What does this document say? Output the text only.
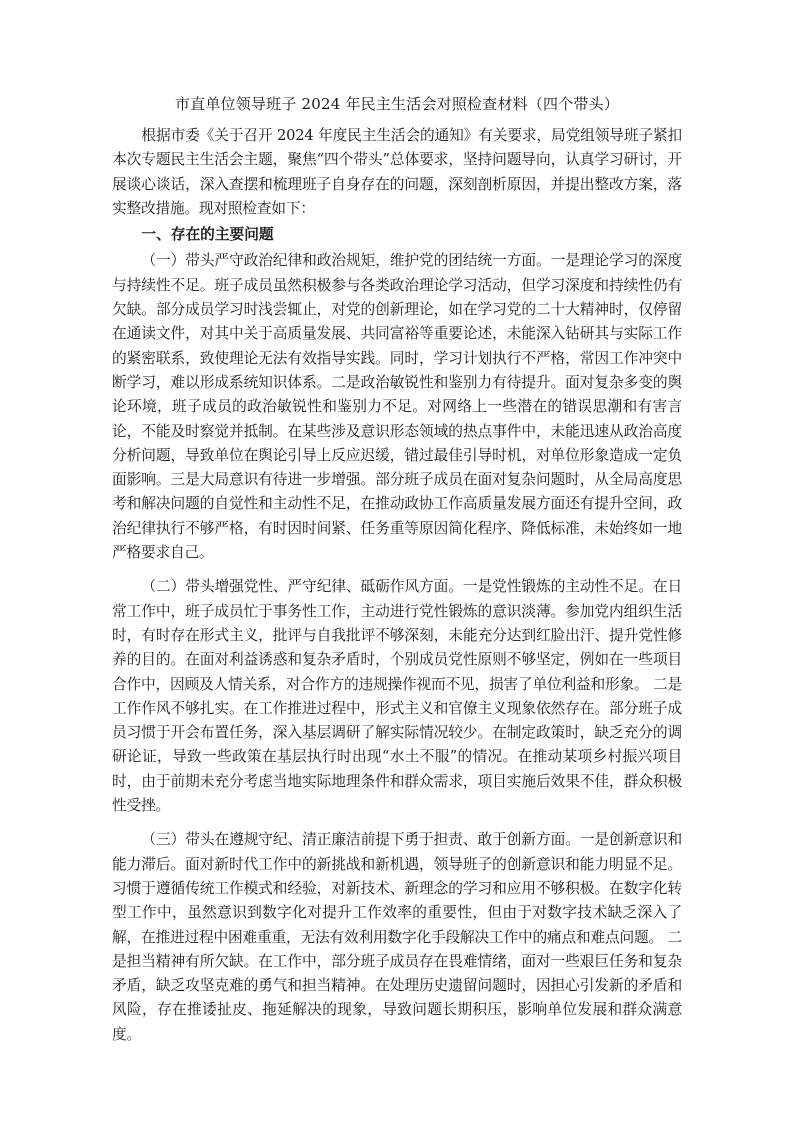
市直单位领导班子 2024 年民主生活会对照检查材料（四个带头）

根据市委《关于召开 2024 年度民主生活会的通知》有关要求，局党组领导班子紧扣本次专题民主生活会主题，聚焦“四个带头”总体要求，坚持问题导向，认真学习研讨，开展谈心谈话，深入查摆和梳理班子自身存在的问题，深刻剖析原因，并提出整改方案，落实整改措施。现对照检查如下：

一、存在的主要问题

（一）带头严守政治纪律和政治规矩，维护党的团结统一方面。一是理论学习的深度与持续性不足。班子成员虽然积极参与各类政治理论学习活动，但学习深度和持续性仍有欠缺。部分成员学习时浅尝辄止，对党的创新理论，如在学习党的二十大精神时，仅停留在通读文件，对其中关于高质量发展、共同富裕等重要论述，未能深入钻研其与实际工作的紧密联系，致使理论无法有效指导实践。同时，学习计划执行不严格，常因工作冲突中断学习，难以形成系统知识体系。二是政治敏锐性和鉴别力有待提升。面对复杂多变的舆论环境，班子成员的政治敏锐性和鉴别力不足。对网络上一些潜在的错误思潮和有害言论，不能及时察觉并抵制。在某些涉及意识形态领域的热点事件中，未能迅速从政治高度分析问题，导致单位在舆论引导上反应迟缓，错过最佳引导时机，对单位形象造成一定负面影响。三是大局意识有待进一步增强。部分班子成员在面对复杂问题时，从全局高度思考和解决问题的自觉性和主动性不足，在推动政协工作高质量发展方面还有提升空间，政治纪律执行不够严格，有时因时间紧、任务重等原因简化程序、降低标准，未始终如一地严格要求自己。

（二）带头增强党性、严守纪律、砥砺作风方面。一是党性锻炼的主动性不足。在日常工作中，班子成员忙于事务性工作，主动进行党性锻炼的意识淡薄。参加党内组织生活时，有时存在形式主义，批评与自我批评不够深刻，未能充分达到红脸出汗、提升党性修养的目的。在面对利益诱惑和复杂矛盾时，个别成员党性原则不够坚定，例如在一些项目合作中，因顾及人情关系，对合作方的违规操作视而不见，损害了单位利益和形象。 二是工作作风不够扎实。在工作推进过程中，形式主义和官僚主义现象依然存在。部分班子成员习惯于开会布置任务，深入基层调研了解实际情况较少。在制定政策时，缺乏充分的调研论证，导致一些政策在基层执行时出现“水土不服”的情况。在推动某项乡村振兴项目时，由于前期未充分考虑当地实际地理条件和群众需求，项目实施后效果不佳，群众积极性受挫。

（三）带头在遵规守纪、清正廉洁前提下勇于担责、敢于创新方面。一是创新意识和能力滞后。面对新时代工作中的新挑战和新机遇，领导班子的创新意识和能力明显不足。习惯于遵循传统工作模式和经验，对新技术、新理念的学习和应用不够积极。在数字化转型工作中，虽然意识到数字化对提升工作效率的重要性，但由于对数字技术缺乏深入了解，在推进过程中困难重重，无法有效利用数字化手段解决工作中的痛点和难点问题。 二是担当精神有所欠缺。在工作中，部分班子成员存在畏难情绪，面对一些艰巨任务和复杂矛盾，缺乏攻坚克难的勇气和担当精神。在处理历史遗留问题时，因担心引发新的矛盾和风险，存在推诿扯皮、拖延解决的现象，导致问题长期积压，影响单位发展和群众满意度。
